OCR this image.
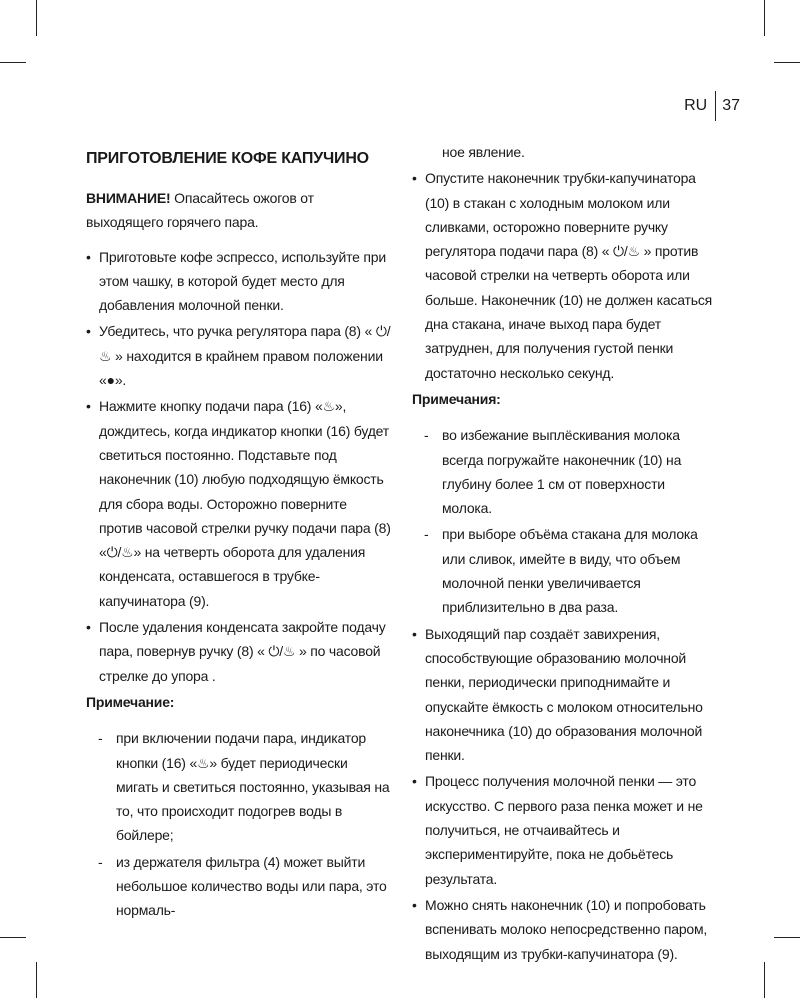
RU 37
ПРИГОТОВЛЕНИЕ КОФЕ КАПУЧИНО

ВНИМАНИЕ! Опасайтесь ожогов от выходящего горячего пара.

• Приготовьте кофе эспрессо, используйте при этом чашку, в которой будет место для добавления молочной пенки.
• Убедитесь, что ручка регулятора пара (8) « ⏻/♨ » находится в крайнем правом положении «●».
• Нажмите кнопку подачи пара (16) «♨», дождитесь, когда индикатор кнопки (16) будет светиться постоянно. Подставьте под наконечник (10) любую подходящую ёмкость для сбора воды. Осторожно поверните против часовой стрелки ручку подачи пара (8) «⏻/♨» на четверть оборота для удаления конденсата, оставшегося в трубке-капучинатора (9).
• После удаления конденсата закройте подачу пара, повернув ручку (8) « ⏻/♨ » по часовой стрелке до упора .
Примечание:
- при включении подачи пара, индикатор кнопки (16) «♨» будет периодически мигать и светиться постоянно, указывая на то, что происходит подогрев воды в бойлере;
- из держателя фильтра (4) может выйти небольшое количество воды или пара, это нормаль-

ное явление.

• Опустите наконечник трубки-капучинатора (10) в стакан с холодным молоком или сливками, осторожно поверните ручку регулятора подачи пара (8) « ⏻/♨ » против часовой стрелки на четверть оборота или больше. Наконечник (10) не должен касаться дна стакана, иначе выход пара будет затруднен, для получения густой пенки достаточно несколько секунд.
Примечания:
- во избежание выплёскивания молока всегда погружайте наконечник (10) на глубину более 1 см от поверхности молока.
- при выборе объёма стакана для молока или сливок, имейте в виду, что объем молочной пенки увеличивается приблизительно в два раза.
• Выходящий пар создаёт завихрения, способствующие образованию молочной пенки, периодически приподнимайте и опускайте ёмкость с молоком относительно наконечника (10) до образования молочной пенки.
• Процесс получения молочной пенки — это искусство. С первого раза пенка может и не получиться, не отчаивайтесь и экспериментируйте, пока не добьётесь результата.
• Можно снять наконечник (10) и попробовать вспенивать молоко непосредственно паром, выходящим из трубки-капучинатора (9).
